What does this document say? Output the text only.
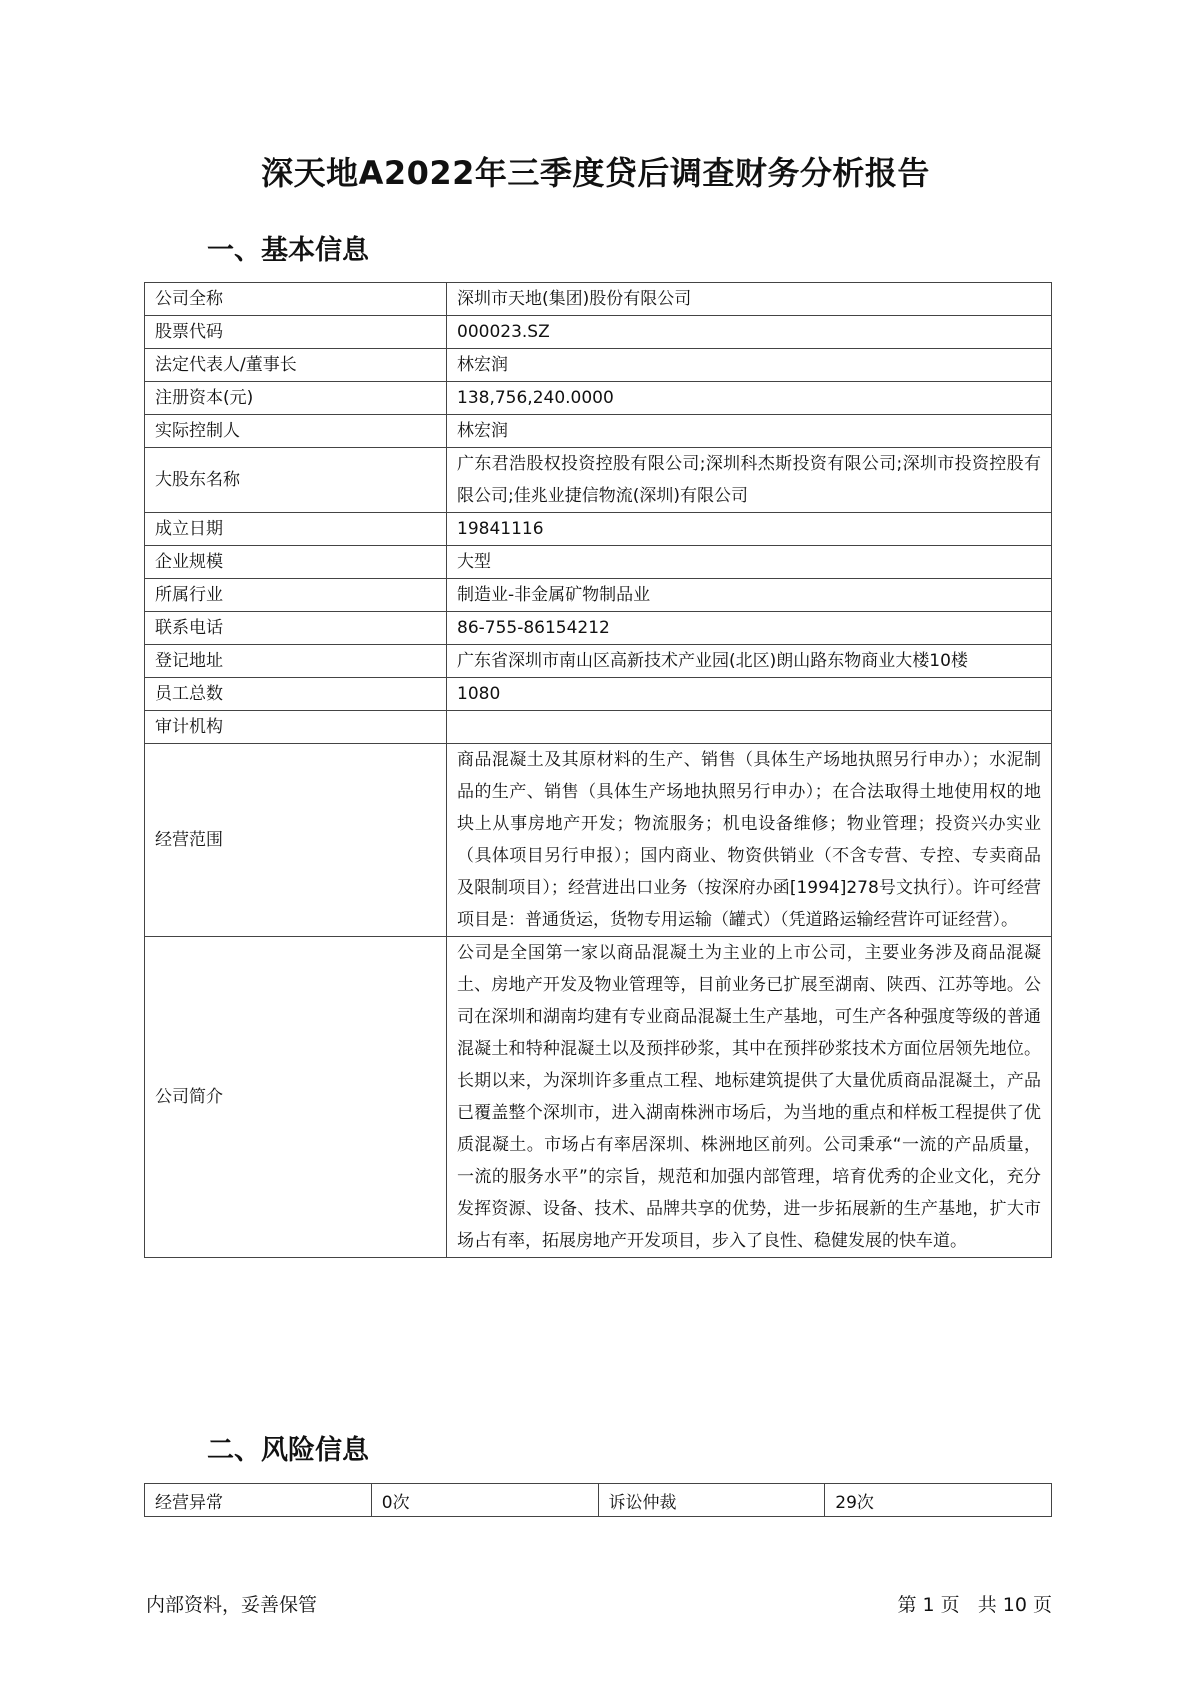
深天地A2022年三季度贷后调查财务分析报告
一、基本信息
公司全称	深圳市天地(集团)股份有限公司
股票代码	000023.SZ
法定代表人/董事长	林宏润
注册资本(元)	138,756,240.0000
实际控制人	林宏润
大股东名称	广东君浩股权投资控股有限公司;深圳科杰斯投资有限公司;深圳市投资控股有限公司;佳兆业捷信物流(深圳)有限公司

成立日期	19841116
企业规模	大型
所属行业	制造业-非金属矿物制品业
联系电话	86-755-86154212
登记地址	广东省深圳市南山区高新技术产业园(北区)朗山路东物商业大楼10楼

员工总数	1080
审计机构	
经营范围	商品混凝土及其原材料的生产、销售（具体生产场地执照另行申办）；水泥制品的生产、销售（具体生产场地执照另行申办）；在合法取得土地使用权的地块上从事房地产开发；物流服务；机电设备维修；物业管理；投资兴办实业（具体项目另行申报）；国内商业、物资供销业（不含专营、专控、专卖商品及限制项目）；经营进出口业务（按深府办函[1994]278号文执行）。许可经营项目是：普通货运，货物专用运输（罐式）（凭道路运输经营许可证经营）。

公司简介	公司是全国第一家以商品混凝土为主业的上市公司，主要业务涉及商品混凝土、房地产开发及物业管理等，目前业务已扩展至湖南、陕西、江苏等地。公司在深圳和湖南均建有专业商品混凝土生产基地，可生产各种强度等级的普通混凝土和特种混凝土以及预拌砂浆，其中在预拌砂浆技术方面位居领先地位。长期以来，为深圳许多重点工程、地标建筑提供了大量优质商品混凝土，产品已覆盖整个深圳市，进入湖南株洲市场后，为当地的重点和样板工程提供了优质混凝土。市场占有率居深圳、株洲地区前列。公司秉承“一流的产品质量，一流的服务水平”的宗旨，规范和加强内部管理，培育优秀的企业文化，充分发挥资源、设备、技术、品牌共享的优势，进一步拓展新的生产基地，扩大市场占有率，拓展房地产开发项目，步入了良性、稳健发展的快车道。

二、风险信息
经营异常	0次	诉讼仲裁	29次
内部资料，妥善保管	第 1 页   共 10 页
